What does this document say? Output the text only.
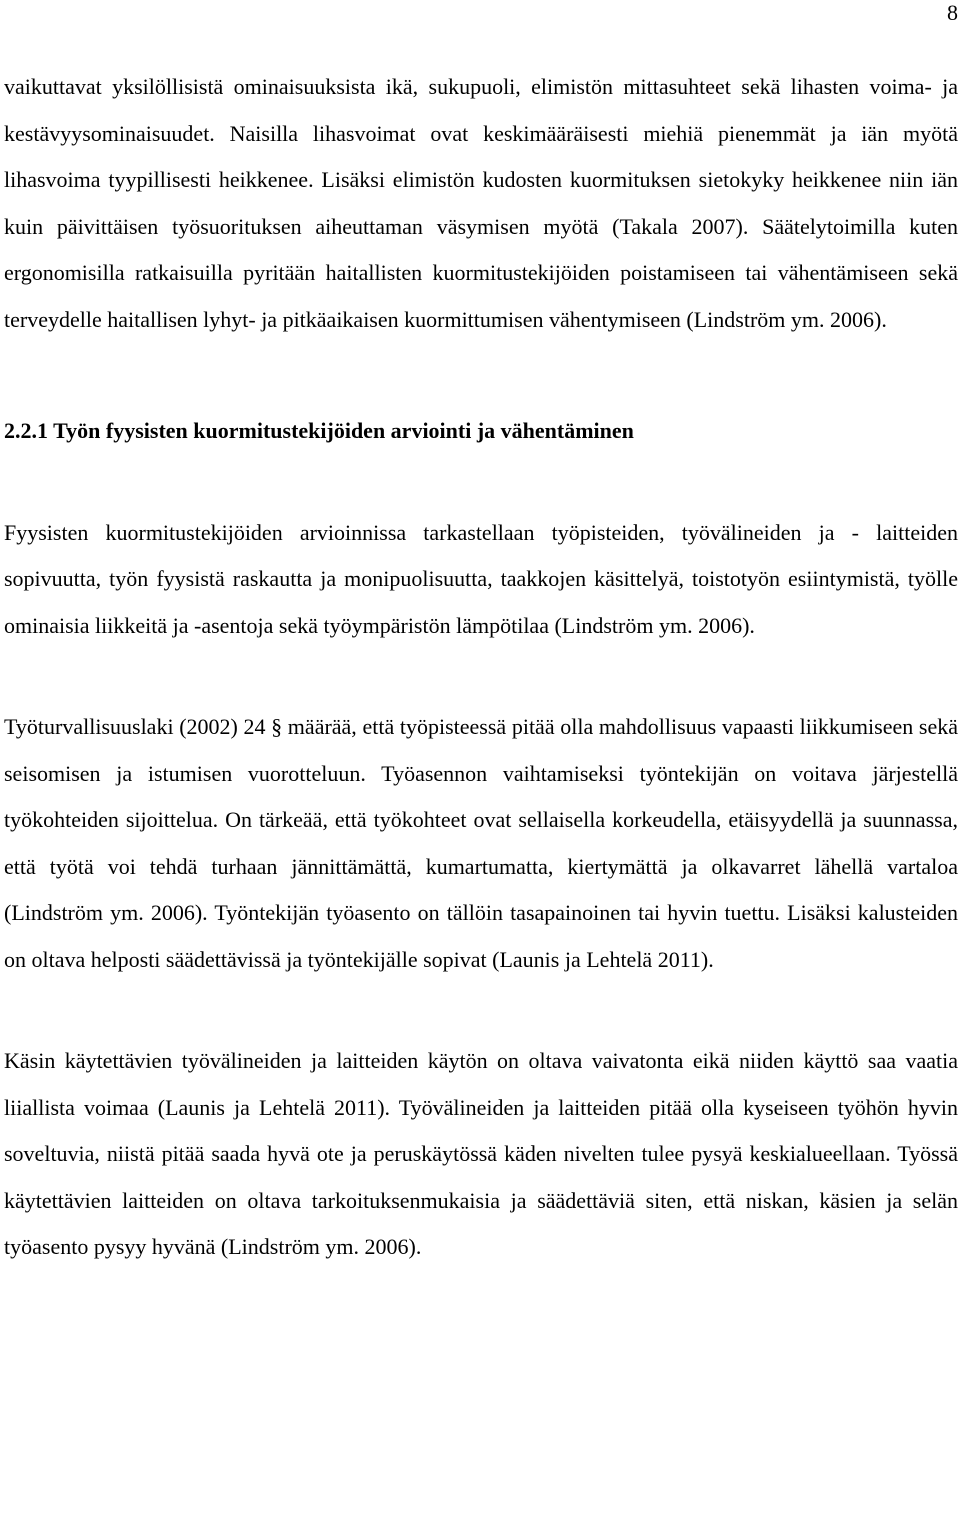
8

vaikuttavat yksilöllisistä ominaisuuksista ikä, sukupuoli, elimistön mittasuhteet sekä lihasten voima- ja kestävyysominaisuudet. Naisilla lihasvoimat ovat keskimääräisesti miehiä pienemmät ja iän myötä lihasvoima tyypillisesti heikkenee. Lisäksi elimistön kudosten kuormituksen sietokyky heikkenee niin iän kuin päivittäisen työsuorituksen aiheuttaman väsymisen myötä (Takala 2007). Säätelytoimilla kuten ergonomisilla ratkaisuilla pyritään haitallisten kuormitustekijöiden poistamiseen tai vähentämiseen sekä terveydelle haitallisen lyhyt- ja pitkäaikaisen kuormittumisen vähentymiseen (Lindström ym. 2006).

2.2.1 Työn fyysisten kuormitustekijöiden arviointi ja vähentäminen

Fyysisten kuormitustekijöiden arvioinnissa tarkastellaan työpisteiden, työvälineiden ja - laitteiden sopivuutta, työn fyysistä raskautta ja monipuolisuutta, taakkojen käsittelyä, toistotyön esiintymistä, työlle ominaisia liikkeitä ja -asentoja sekä työympäristön lämpötilaa (Lindström ym. 2006).

Työturvallisuuslaki (2002) 24 § määrää, että työpisteessä pitää olla mahdollisuus vapaasti liikkumiseen sekä seisomisen ja istumisen vuorotteluun. Työasennon vaihtamiseksi työntekijän on voitava järjestellä työkohteiden sijoittelua. On tärkeää, että työkohteet ovat sellaisella korkeudella, etäisyydellä ja suunnassa, että työtä voi tehdä turhaan jännittämättä, kumartumatta, kiertymättä ja olkavarret lähellä vartaloa (Lindström ym. 2006). Työntekijän työasento on tällöin tasapainoinen tai hyvin tuettu. Lisäksi kalusteiden on oltava helposti säädettävissä ja työntekijälle sopivat (Launis ja Lehtelä 2011).

Käsin käytettävien työvälineiden ja laitteiden käytön on oltava vaivatonta eikä niiden käyttö saa vaatia liiallista voimaa (Launis ja Lehtelä 2011). Työvälineiden ja laitteiden pitää olla kyseiseen työhön hyvin soveltuvia, niistä pitää saada hyvä ote ja peruskäytössä käden nivelten tulee pysyä keskialueellaan. Työssä käytettävien laitteiden on oltava tarkoituksenmukaisia ja säädettäviä siten, että niskan, käsien ja selän työasento pysyy hyvänä (Lindström ym. 2006).
